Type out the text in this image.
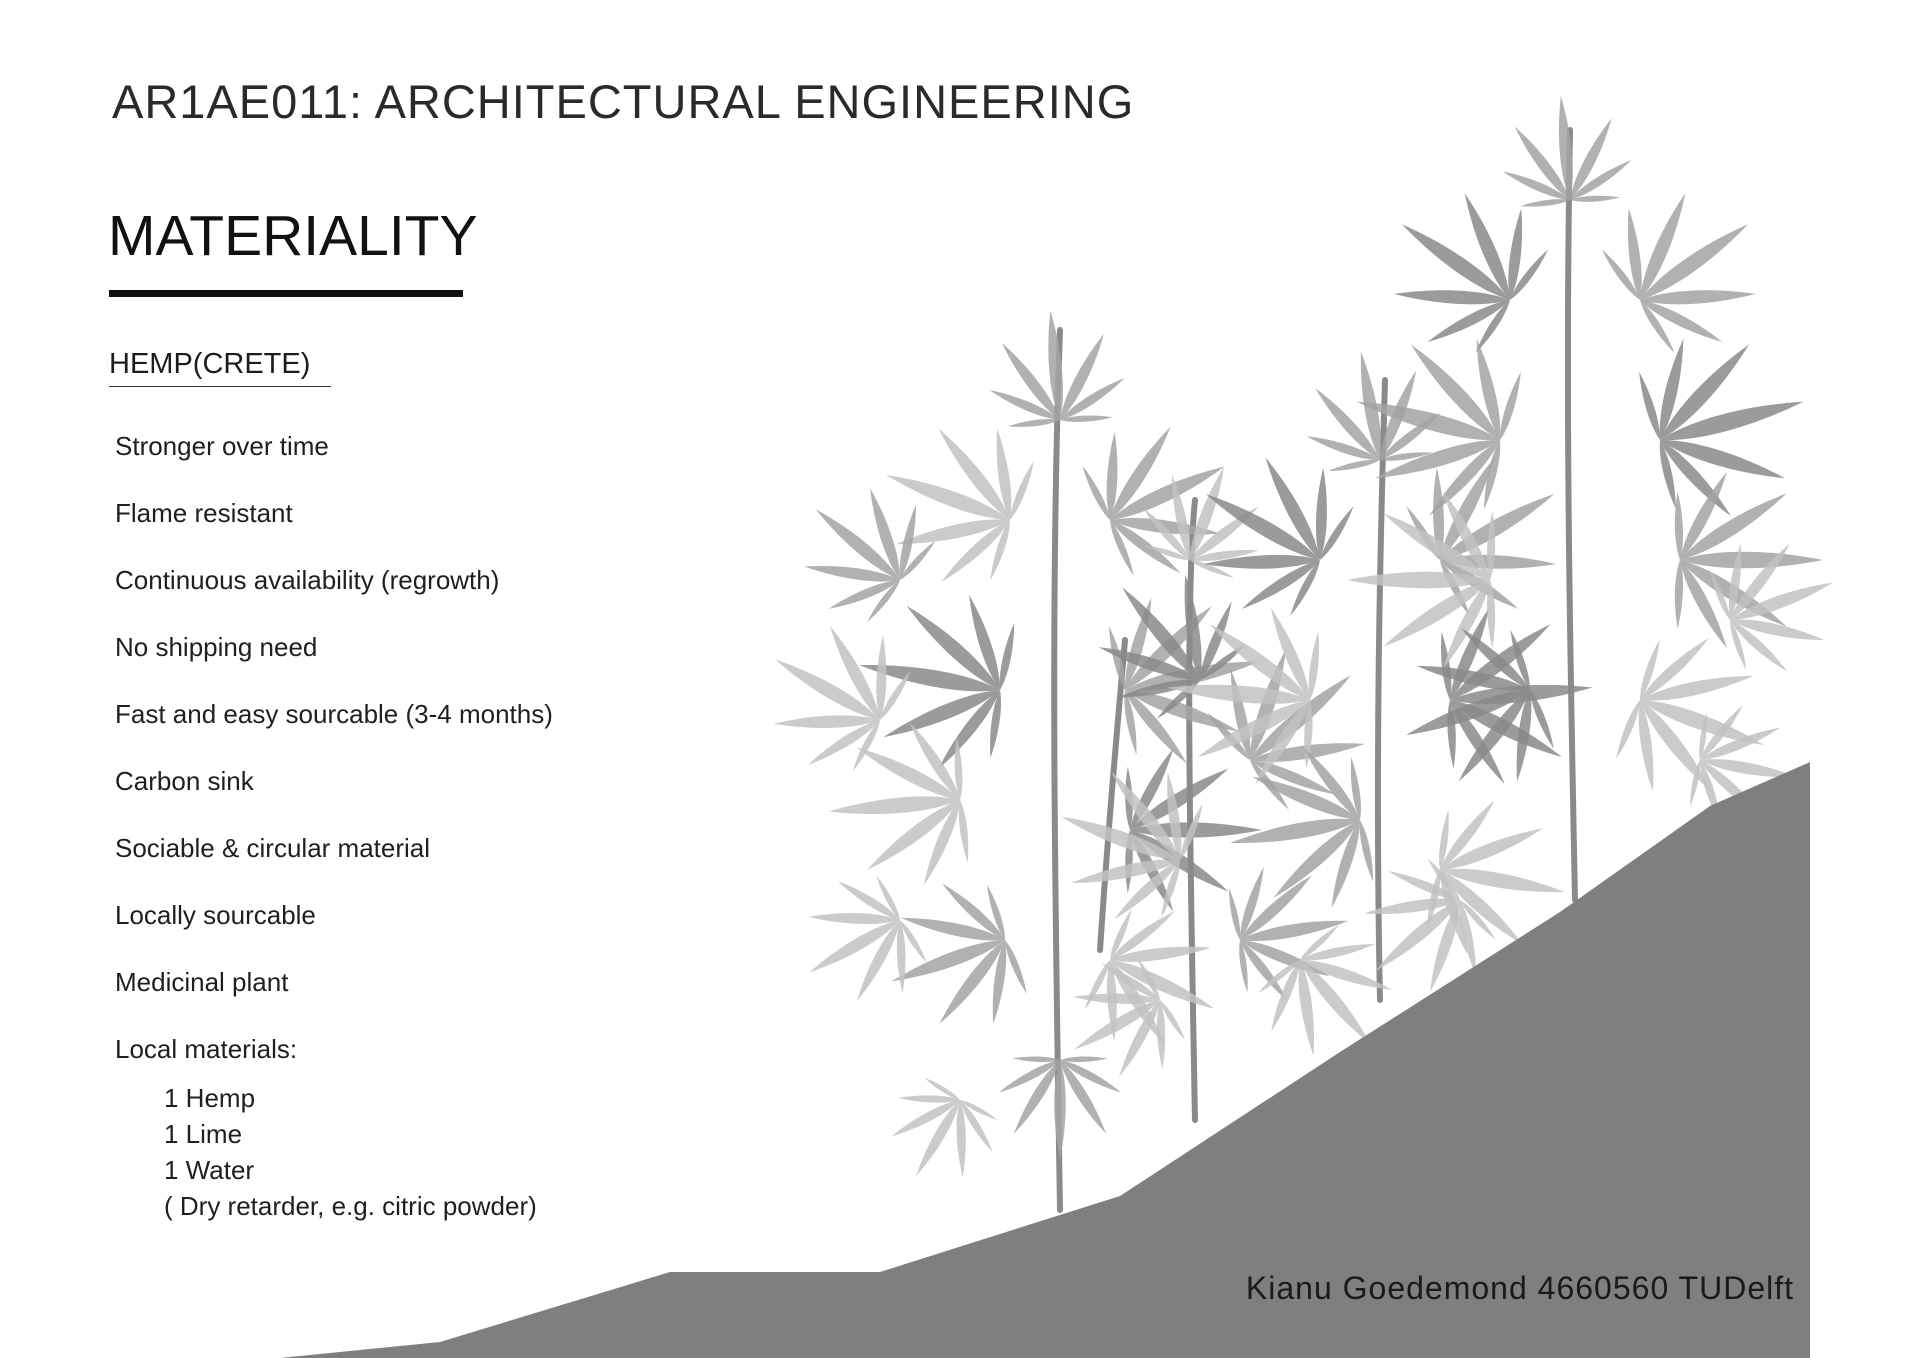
AR1AE011: ARCHITECTURAL ENGINEERING
MATERIALITY
HEMP(CRETE)
Stronger over time
Flame resistant
Continuous availability (regrowth)
No shipping need
Fast and easy sourcable (3-4 months)
Carbon sink
Sociable & circular material
Locally sourcable
Medicinal plant
Local materials:
1 Hemp
1 Lime
1 Water
( Dry retarder, e.g. citric powder)
Kianu Goedemond 4660560 TUDelft
